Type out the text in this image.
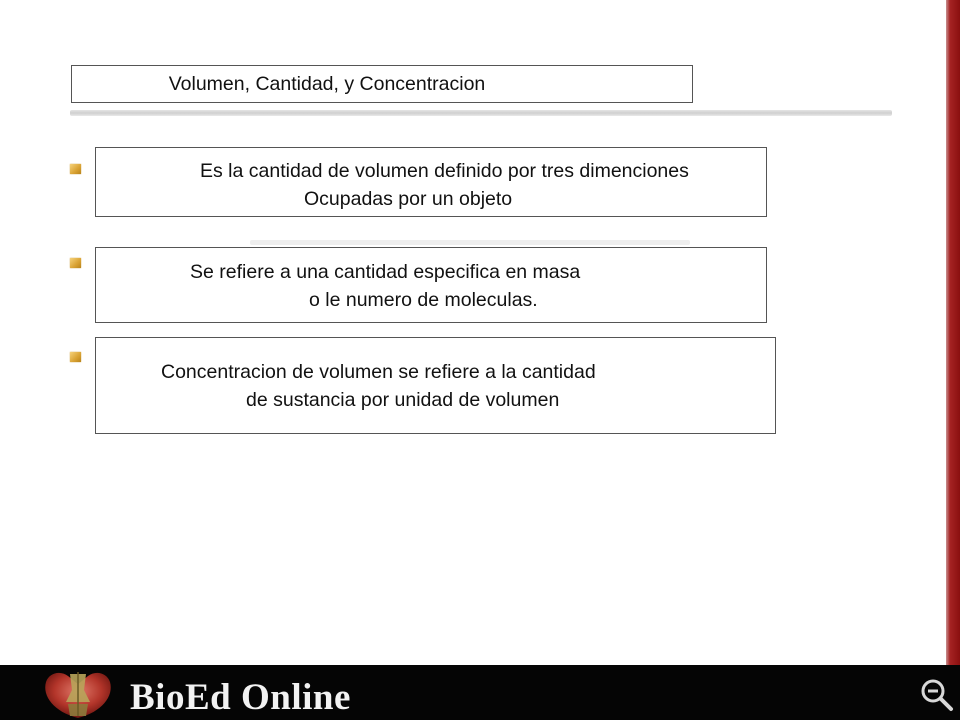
Volumen, Cantidad, y Concentracion
Es la cantidad de volumen definido por tres dimenciones
Ocupadas por un objeto
Se refiere a una cantidad especifica en masa
o le numero de moleculas.
Concentracion de volumen se refiere a la cantidad
de sustancia por unidad de volumen
BioEd Online
